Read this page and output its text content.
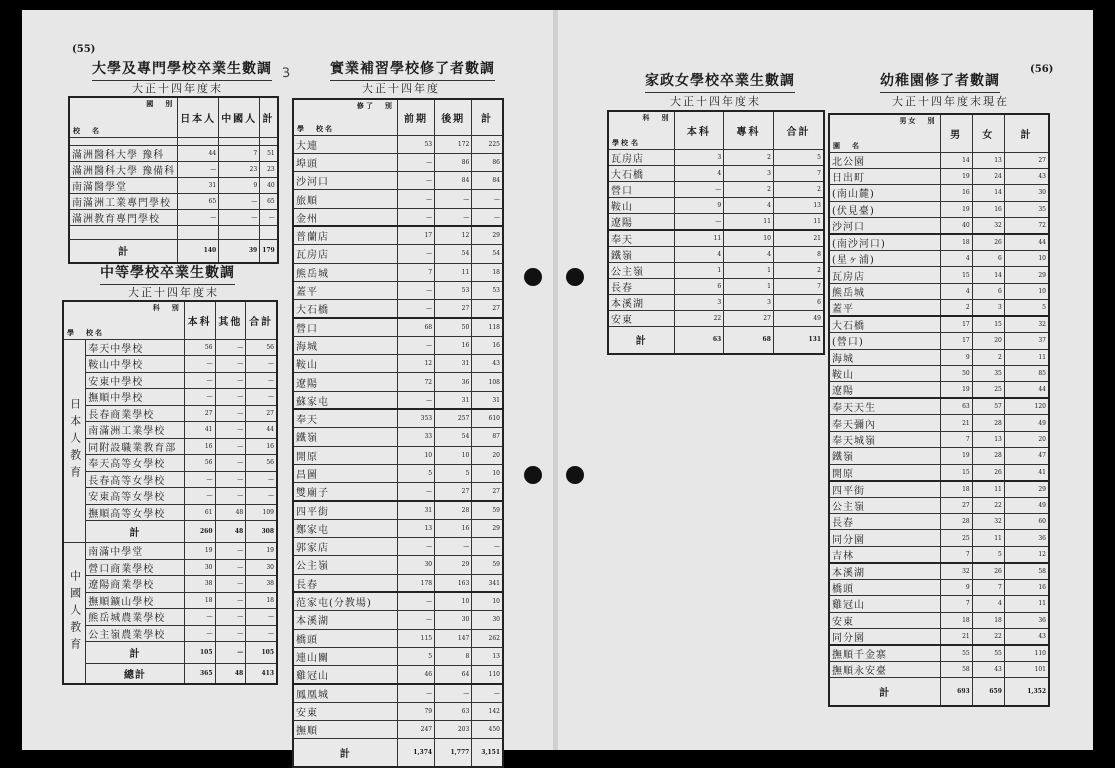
(55)
3	(56)
大學及專門學校卒業生數調
大正十四年度末
國 別
校 名	日本人	中國人	計

滿洲醫科大學 豫科	44	7	51
滿洲醫科大學 豫備科	—	23	23
南滿醫學堂	31	9	40
南滿洲工業專門學校	65	—	65
滿洲教育專門學校	—	—	—

計	140	39	179
中等學校卒業生數調
大正十四年度末
科 別
學 校名		本科	其他	合計
日本人教育	奉天中學校	56	—	56
	鞍山中學校	—	—	—
	安東中學校	—	—	—
	撫順中學校	—	—	—
	長春商業學校	27	—	27
	南滿洲工業學校	41	—	44
	同附設職業教育部	16	—	16
	奉天高等女學校	56	—	56
	長春高等女學校	—	—	—
	安東高等女學校	—	—	—
	撫順高等女學校	61	48	109
	計	260	48	308
中國人教育	南滿中學堂	19	—	19
	營口商業學校	30	—	30
	遼陽商業學校	38	—	38
	撫順鑛山學校	18	—	18
	熊岳城農業學校	—	—	—
	公主嶺農業學校	—	—	—
	計	105	—	105
	總計	365	48	413
實業補習學校修了者數調
大正十四年度
修了 別
學 校名	前期	後期	計
大連	53	172	225
埠頭	—	86	86
沙河口	—	84	84
旅順	—	—	—
金州	—	—	—
普蘭店	17	12	29
瓦房店	—	54	54
熊岳城	7	11	18
蓋平	—	53	53
大石橋	—	27	27
營口	68	50	118
海城	—	16	16
鞍山	12	31	43
遼陽	72	36	108
蘇家屯	—	31	31
奉天	353	257	610
鐵嶺	33	54	87
開原	10	10	20
昌圖	5	5	10
雙廟子	—	27	27
四平街	31	28	59
鄭家屯	13	16	29
郭家店	—	—	—
公主嶺	30	29	59
長春	178	163	341
范家屯(分教場)	—	10	10
本溪湖	—	30	30
橋頭	115	147	262
連山關	5	8	13
雞冠山	46	64	110
鳳凰城	—	—	—
安東	79	63	142
撫順	247	203	450
計	1,374	1,777	3,151
家政女學校卒業生數調
大正十四年度末
科 別
學校 名	本科	專科	合計
瓦房店	3	2	5
大石橋	4	3	7
營口	—	2	2
鞍山	9	4	13
遼陽	—	11	11
奉天	11	10	21
鐵嶺	4	4	8
公主嶺	1	1	2
長春	6	1	7
本溪湖	3	3	6
安東	22	27	49
計	63	68	131
幼稚園修了者數調
大正十四年度末現在
男女 別
園 名	男	女	計
北公園	14	13	27
日出町	19	24	43
(南山麓)	16	14	30
(伏見臺)	19	16	35
沙河口	40	32	72
(南沙河口)	18	26	44
(星ヶ浦)	4	6	10
瓦房店	15	14	29
熊岳城	4	6	10
蓋平	2	3	5
大石橋	17	15	32
(營口)	17	20	37
海城	9	2	11
鞍山	50	35	85
遼陽	19	25	44
奉天天生	63	57	120
奉天彌內	21	28	49
奉天城嶺	7	13	20
鐵嶺	19	28	47
開原	15	26	41
四平街	18	11	29
公主嶺	27	22	49
長春	28	32	60
同分園	25	11	36
吉林	7	5	12
本溪湖	32	26	58
橋頭	9	7	16
雞冠山	7	4	11
安東	18	18	36
同分園	21	22	43
撫順千金寨	55	55	110
撫順永安臺	58	43	101
計	693	659	1,352
